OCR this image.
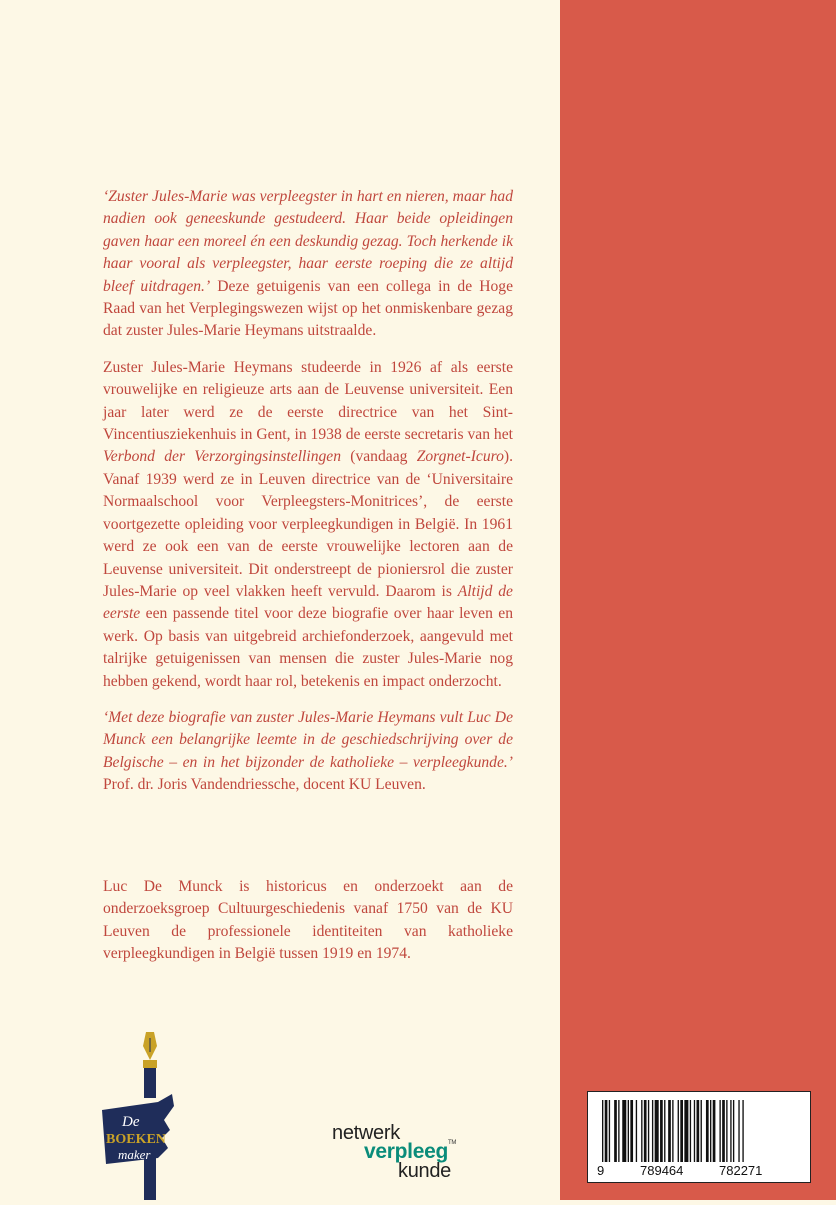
‘Zuster Jules-Marie was verpleegster in hart en nieren, maar had nadien ook geneeskunde gestudeerd. Haar beide opleidingen gaven haar een moreel én een deskundig gezag. Toch herkende ik haar vooral als verpleegster, haar eerste roeping die ze altijd bleef uitdragen.’ Deze getuigenis van een collega in de Hoge Raad van het Verplegingswezen wijst op het onmiskenbare gezag dat zuster Jules-Marie Heymans uitstraalde.

Zuster Jules-Marie Heymans studeerde in 1926 af als eerste vrouwelijke en religieuze arts aan de Leuvense universiteit. Een jaar later werd ze de eerste directrice van het Sint-Vincentiusziekenhuis in Gent, in 1938 de eerste secretaris van het Verbond der Verzorgingsinstellingen (vandaag Zorgnet-Icuro). Vanaf 1939 werd ze in Leuven directrice van de ‘Universitaire Normaalschool voor Verpleegsters-Monitrices’, de eerste voortgezette opleiding voor verpleegkundigen in België. In 1961 werd ze ook een van de eerste vrouwelijke lectoren aan de Leuvense universiteit. Dit onderstreept de pioniersrol die zuster Jules-Marie op veel vlakken heeft vervuld. Daarom is Altijd de eerste een passende titel voor deze biografie over haar leven en werk. Op basis van uitgebreid archiefonderzoek, aangevuld met talrijke getuigenissen van mensen die zuster Jules-Marie nog hebben gekend, wordt haar rol, betekenis en impact onderzocht.

‘Met deze biografie van zuster Jules-Marie Heymans vult Luc De Munck een belangrijke leemte in de geschiedschrijving over de Belgische – en in het bijzonder de katholieke – verpleegkunde.’ Prof. dr. Joris Vandendriessche, docent KU Leuven.

Luc De Munck is historicus en onderzoekt aan de onderzoeksgroep Cultuurgeschiedenis vanaf 1750 van de KU Leuven de professionele identiteiten van katholieke verpleegkundigen in België tussen 1919 en 1974.

De
BOEKEN
maker
netwerk
verpleeg™
kunde	9	789464	782271
